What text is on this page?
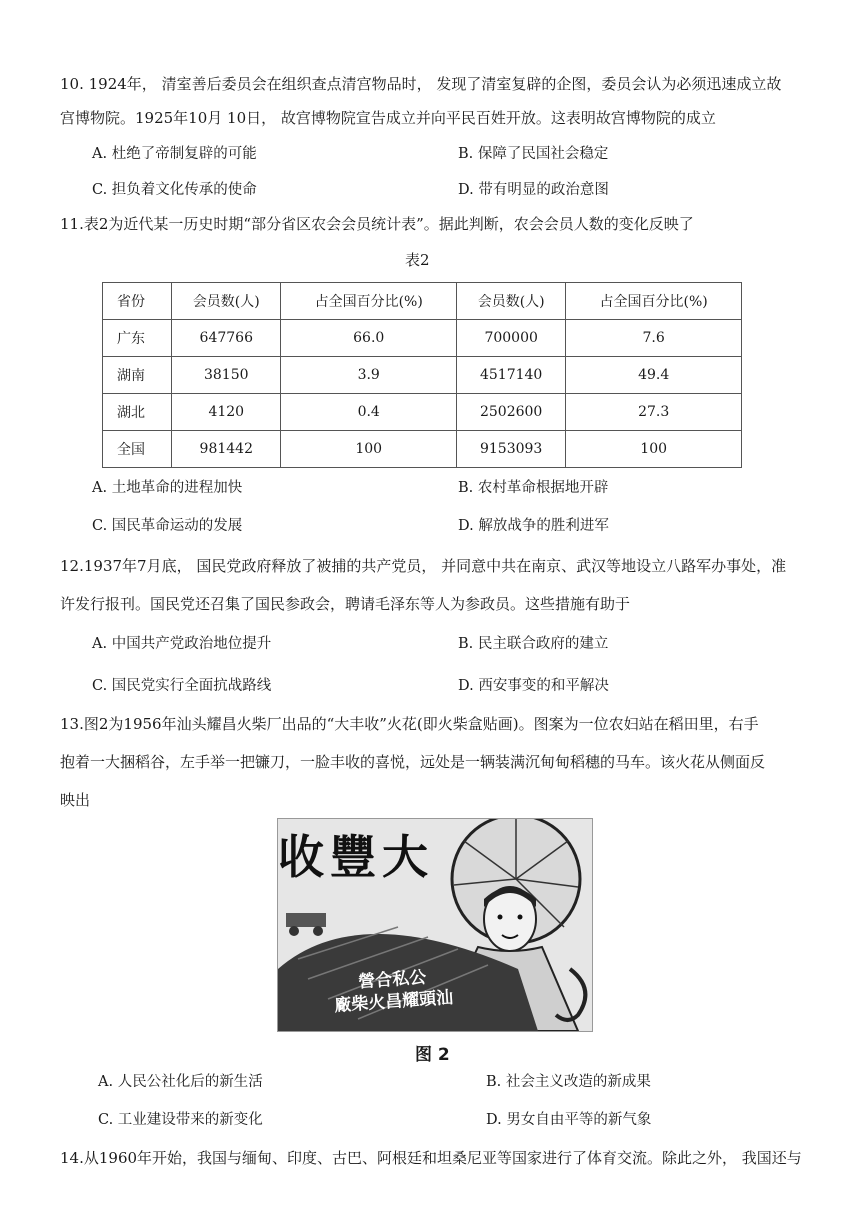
10. 1924年， 清室善后委员会在组织查点清宫物品时， 发现了清室复辟的企图，委员会认为必须迅速成立故
宫博物院。1925年10月 10日， 故宫博物院宣告成立并向平民百姓开放。这表明故宫博物院的成立
A. 杜绝了帝制复辟的可能	B. 保障了民国社会稳定
C. 担负着文化传承的使命	D. 带有明显的政治意图
11.表2为近代某一历史时期“部分省区农会会员统计表”。据此判断，农会会员人数的变化反映了
表2
省份	会员数(人)	占全国百分比(%)	会员数(人)	占全国百分比(%)
广东	647766	66.0	700000	7.6
湖南	38150	3.9	4517140	49.4
湖北	4120	0.4	2502600	27.3
全国	981442	100	9153093	100
A. 土地革命的进程加快	B. 农村革命根据地开辟
C. 国民革命运动的发展	D. 解放战争的胜利进军
12.1937年7月底， 国民党政府释放了被捕的共产党员， 并同意中共在南京、武汉等地设立八路军办事处，准
许发行报刊。国民党还召集了国民参政会，聘请毛泽东等人为参政员。这些措施有助于
A. 中国共产党政治地位提升	B. 民主联合政府的建立
C. 国民党实行全面抗战路线	D. 西安事变的和平解决
13.图2为1956年汕头耀昌火柴厂出品的“大丰收”火花(即火柴盒贴画)。图案为一位农妇站在稻田里，右手
抱着一大捆稻谷，左手举一把镰刀，一脸丰收的喜悦，远处是一辆装满沉甸甸稻穗的马车。该火花从侧面反
映出
收豐大
營合私公
廠柴火昌耀頭汕
图 2
A. 人民公社化后的新生活	B. 社会主义改造的新成果
C. 工业建设带来的新变化	D. 男女自由平等的新气象
14.从1960年开始，我国与缅甸、印度、古巴、阿根廷和坦桑尼亚等国家进行了体育交流。除此之外， 我国还与
